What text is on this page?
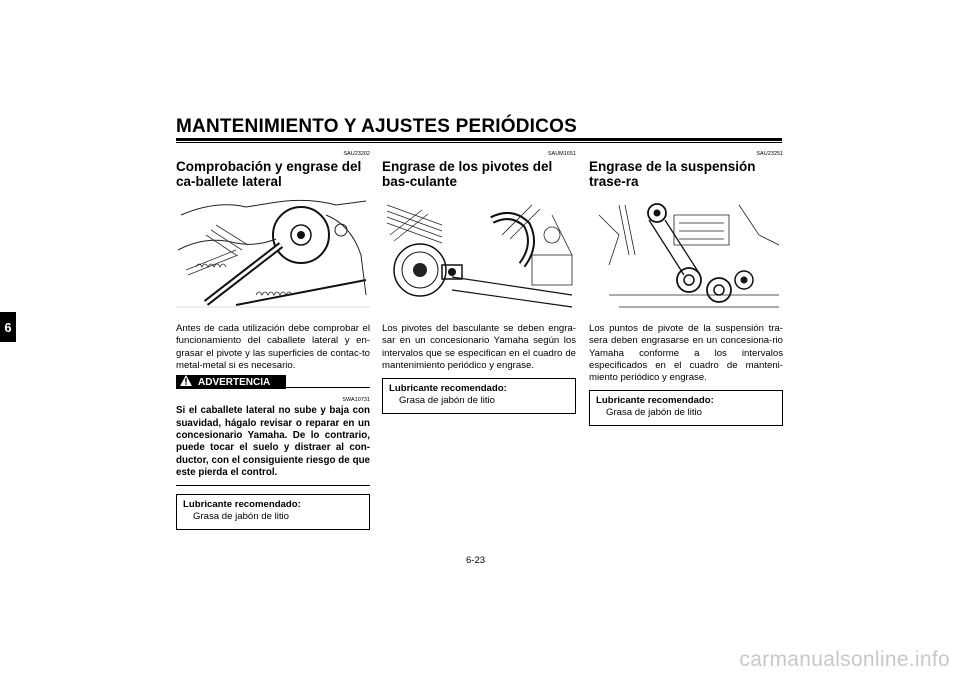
MANTENIMIENTO Y AJUSTES PERIÓDICOS
6
SAU23202
Comprobación y engrase del ca-ballete lateral
Antes de cada utilización debe comprobar el funcionamiento del caballete lateral y en-grasar el pivote y las superficies de contac-to metal-metal si es necesario.
ADVERTENCIA
SWA10731
Si el caballete lateral no sube y baja con suavidad, hágalo revisar o reparar en un concesionario Yamaha. De lo contrario, puede tocar el suelo y distraer al con-ductor, con el consiguiente riesgo de que este pierda el control.
Lubricante recomendado:
Grasa de jabón de litio
SAUM1651
Engrase de los pivotes del bas-culante
Los pivotes del basculante se deben engra-sar en un concesionario Yamaha según los intervalos que se especifican en el cuadro de mantenimiento periódico y engrase.
Lubricante recomendado:
Grasa de jabón de litio
SAU23251
Engrase de la suspensión trase-ra
Los puntos de pivote de la suspensión tra-sera deben engrasarse en un concesiona-rio Yamaha conforme a los intervalos especificados en el cuadro de manteni-miento periódico y engrase.
Lubricante recomendado:
Grasa de jabón de litio
6-23
carmanualsonline.info
